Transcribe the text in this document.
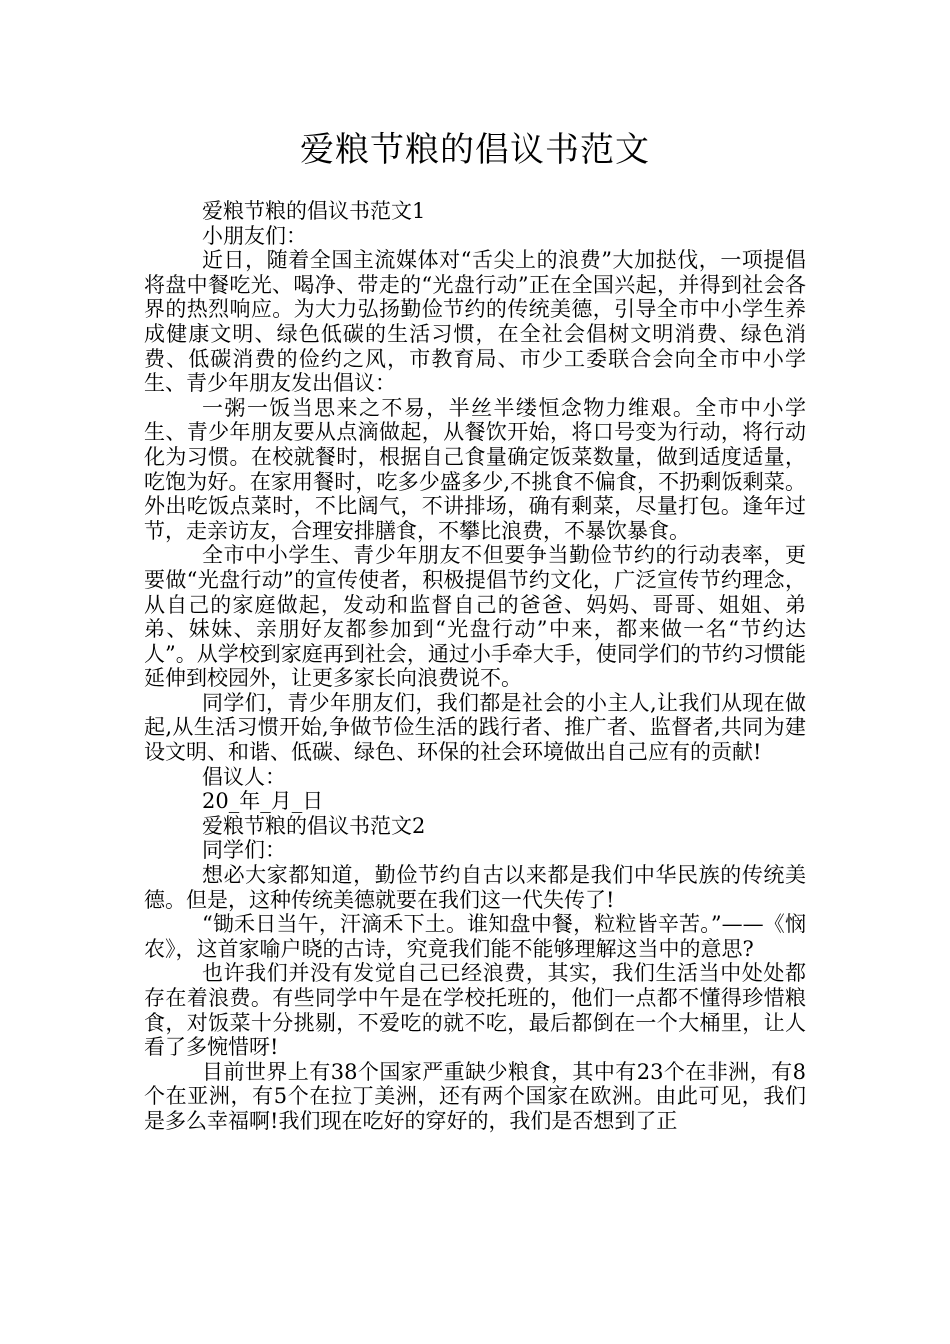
爱粮节粮的倡议书范文

爱粮节粮的倡议书范文1

小朋友们：

近日，随着全国主流媒体对“舌尖上的浪费”大加挞伐，一项提倡将盘中餐吃光、喝净、带走的“光盘行动”正在全国兴起，并得到社会各界的热烈响应。为大力弘扬勤俭节约的传统美德，引导全市中小学生养成健康文明、绿色低碳的生活习惯，在全社会倡树文明消费、绿色消费、低碳消费的俭约之风，市教育局、市少工委联合会向全市中小学生、青少年朋友发出倡议：

一粥一饭当思来之不易，半丝半缕恒念物力维艰。全市中小学生、青少年朋友要从点滴做起，从餐饮开始，将口号变为行动，将行动化为习惯。在校就餐时，根据自己食量确定饭菜数量，做到适度适量，吃饱为好。在家用餐时，吃多少盛多少,不挑食不偏食，不扔剩饭剩菜。外出吃饭点菜时，不比阔气，不讲排场，确有剩菜，尽量打包。逢年过节，走亲访友，合理安排膳食，不攀比浪费，不暴饮暴食。

全市中小学生、青少年朋友不但要争当勤俭节约的行动表率，更要做“光盘行动”的宣传使者，积极提倡节约文化，广泛宣传节约理念，从自己的家庭做起，发动和监督自己的爸爸、妈妈、哥哥、姐姐、弟弟、妹妹、亲朋好友都参加到“光盘行动”中来，都来做一名“节约达人”。从学校到家庭再到社会，通过小手牵大手，使同学们的节约习惯能延伸到校园外，让更多家长向浪费说不。

同学们，青少年朋友们，我们都是社会的小主人,让我们从现在做起,从生活习惯开始,争做节俭生活的践行者、推广者、监督者,共同为建设文明、和谐、低碳、绿色、环保的社会环境做出自己应有的贡献!

倡议人：

20_年_月_日

爱粮节粮的倡议书范文2

同学们：

想必大家都知道，勤俭节约自古以来都是我们中华民族的传统美德。但是，这种传统美德就要在我们这一代失传了!

“锄禾日当午，汗滴禾下土。谁知盘中餐，粒粒皆辛苦。”——《悯农》，这首家喻户晓的古诗，究竟我们能不能够理解这当中的意思?

也许我们并没有发觉自己已经浪费，其实，我们生活当中处处都存在着浪费。有些同学中午是在学校托班的，他们一点都不懂得珍惜粮食，对饭菜十分挑剔，不爱吃的就不吃，最后都倒在一个大桶里，让人看了多惋惜呀!

目前世界上有38个国家严重缺少粮食，其中有23个在非洲，有8个在亚洲，有5个在拉丁美洲，还有两个国家在欧洲。由此可见，我们是多么幸福啊!我们现在吃好的穿好的，我们是否想到了正
